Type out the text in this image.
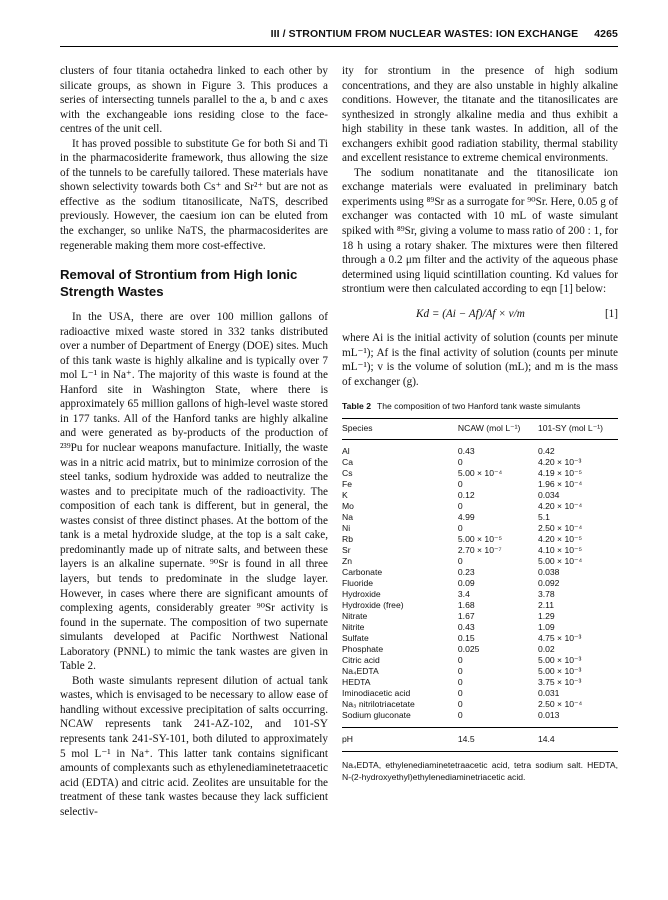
III / STRONTIUM FROM NUCLEAR WASTES: ION EXCHANGE 4265

clusters of four titania octahedra linked to each other by silicate groups, as shown in Figure 3. This produces a series of intersecting tunnels parallel to the a, b and c axes with the exchangeable ions residing close to the face-centres of the unit cell.

It has proved possible to substitute Ge for both Si and Ti in the pharmacosiderite framework, thus allowing the size of the tunnels to be carefully tailored. These materials have shown selectivity towards both Cs⁺ and Sr²⁺ but are not as effective as the sodium titanosilicate, NaTS, described previously. However, the caesium ion can be eluted from the exchanger, so unlike NaTS, the pharmacosiderites are regenerable making them more cost-effective.

Removal of Strontium from High Ionic Strength Wastes

In the USA, there are over 100 million gallons of radioactive mixed waste stored in 332 tanks distributed over a number of Department of Energy (DOE) sites. Much of this tank waste is highly alkaline and is typically over 7 mol L⁻¹ in Na⁺. The majority of this waste is found at the Hanford site in Washington State, where there is approximately 65 million gallons of high-level waste stored in 177 tanks. All of the Hanford tanks are highly alkaline and were generated as by-products of the production of ²³⁹Pu for nuclear weapons manufacture. Initially, the waste was in a nitric acid matrix, but to minimize corrosion of the steel tanks, sodium hydroxide was added to neutralize the wastes and to precipitate much of the radioactivity. The composition of each tank is different, but in general, the wastes consist of three distinct phases. At the bottom of the tank is a metal hydroxide sludge, at the top is a salt cake, predominantly made up of nitrate salts, and between these layers is an alkaline supernate. ⁹⁰Sr is found in all three layers, but tends to predominate in the sludge layer. However, in cases where there are significant amounts of complexing agents, considerably greater ⁹⁰Sr activity is found in the supernate. The composition of two supernate simulants developed at Pacific Northwest National Laboratory (PNNL) to mimic the tank wastes are given in Table 2.

Both waste simulants represent dilution of actual tank wastes, which is envisaged to be necessary to allow ease of handling without excessive precipitation of salts occurring. NCAW represents tank 241-AZ-102, and 101-SY represents tank 241-SY-101, both diluted to approximately 5 mol L⁻¹ in Na⁺. This latter tank contains significant amounts of complexants such as ethylenediaminetetraacetic acid (EDTA) and citric acid. Zeolites are unsuitable for the treatment of these tank wastes because they lack sufficient selectiv-

ity for strontium in the presence of high sodium concentrations, and they are also unstable in highly alkaline conditions. However, the titanate and the titanosilicates are synthesized in strongly alkaline media and thus exhibit a high stability in these tank wastes. In addition, all of the exchangers exhibit good radiation stability, thermal stability and excellent resistance to extreme chemical environments.

The sodium nonatitanate and the titanosilicate ion exchange materials were evaluated in preliminary batch experiments using ⁸⁹Sr as a surrogate for ⁹⁰Sr. Here, 0.05 g of exchanger was contacted with 10 mL of waste simulant spiked with ⁸⁹Sr, giving a volume to mass ratio of 200 : 1, for 18 h using a rotary shaker. The mixtures were then filtered through a 0.2 μm filter and the activity of the aqueous phase determined using liquid scintillation counting. Kd values for strontium were then calculated according to eqn [1] below:

Kd = (Ai − Af)/Af × v/m	[1]

where Ai is the initial activity of solution (counts per minute mL⁻¹); Af is the final activity of solution (counts per minute mL⁻¹); v is the volume of solution (mL); and m is the mass of exchanger (g).

Table 2 The composition of two Hanford tank waste simulants
Species	NCAW (mol L⁻¹)	101-SY (mol L⁻¹)
Al	0.43	0.42
Ca	0	4.20 × 10⁻³
Cs	5.00 × 10⁻⁴	4.19 × 10⁻⁵
Fe	0	1.96 × 10⁻⁴
K	0.12	0.034
Mo	0	4.20 × 10⁻⁴
Na	4.99	5.1
Ni	0	2.50 × 10⁻⁴
Rb	5.00 × 10⁻⁵	4.20 × 10⁻⁵
Sr	2.70 × 10⁻⁷	4.10 × 10⁻⁵
Zn	0	5.00 × 10⁻⁴
Carbonate	0.23	0.038
Fluoride	0.09	0.092
Hydroxide	3.4	3.78
Hydroxide (free)	1.68	2.11
Nitrate	1.67	1.29
Nitrite	0.43	1.09
Sulfate	0.15	4.75 × 10⁻³
Phosphate	0.025	0.02
Citric acid	0	5.00 × 10⁻³
Na₄EDTA	0	5.00 × 10⁻³
HEDTA	0	3.75 × 10⁻³
Iminodiacetic acid	0	0.031
Na₃ nitrilotriacetate	0	2.50 × 10⁻⁴
Sodium gluconate	0	0.013
pH	14.5	14.4
Na₄EDTA, ethylenediaminetetraacetic acid, tetra sodium salt. HEDTA, N-(2-hydroxyethyl)ethylenediaminetriacetic acid.
